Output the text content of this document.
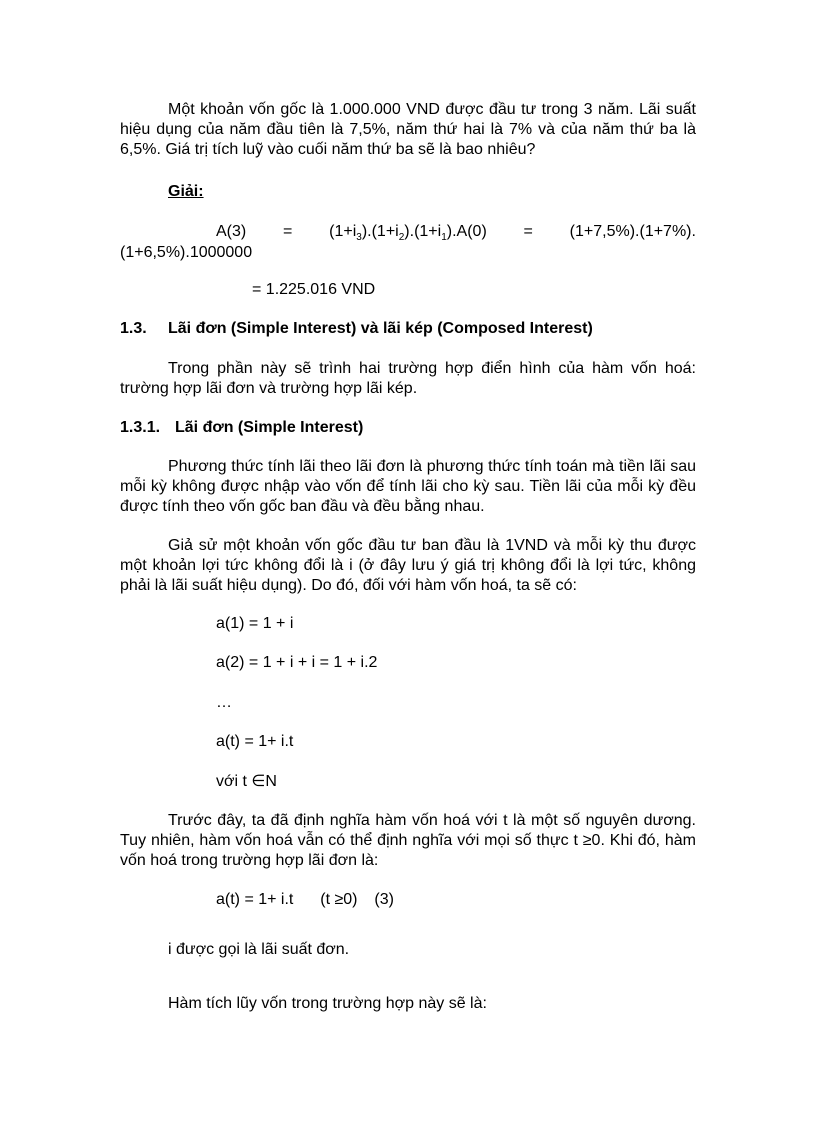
Một khoản vốn gốc là 1.000.000 VND được đầu tư trong 3 năm. Lãi suất hiệu dụng của năm đầu tiên là 7,5%, năm thứ hai là 7% và của năm thứ ba là 6,5%. Giá trị tích luỹ vào cuối năm thứ ba sẽ là bao nhiêu?
Giải:
$A(3) = (1+i_3).(1+i_2).(1+i_1).A(0) = (1+7,5\%).(1+7\%)$.
(1+6,5%).1000000
= 1.225.016 VND
1.3. Lãi đơn (Simple Interest) và lãi kép (Composed Interest)
Trong phần này sẽ trình hai trường hợp điển hình của hàm vốn hoá: trường hợp lãi đơn và trường hợp lãi kép.
1.3.1. Lãi đơn (Simple Interest)
Phương thức tính lãi theo lãi đơn là phương thức tính toán mà tiền lãi sau mỗi kỳ không được nhập vào vốn để tính lãi cho kỳ sau. Tiền lãi của mỗi kỳ đều được tính theo vốn gốc ban đầu và đều bằng nhau.
Giả sử một khoản vốn gốc đầu tư ban đầu là 1VND và mỗi kỳ thu được một khoản lợi tức không đổi là i (ở đây lưu ý giá trị không đổi là lợi tức, không phải là lãi suất hiệu dụng). Do đó, đối với hàm vốn hoá, ta sẽ có:
a(1) = 1 + i
a(2) = 1 + i + i = 1 + i.2
…
a(t) = 1+ i.t
với t ∈N
Trước đây, ta đã định nghĩa hàm vốn hoá với t là một số nguyên dương. Tuy nhiên, hàm vốn hoá vẫn có thể định nghĩa với mọi số thực t ≥0. Khi đó, hàm vốn hoá trong trường hợp lãi đơn là:
a(t) = 1+ i.t (t ≥0) (3)
i được gọi là lãi suất đơn.
Hàm tích lũy vốn trong trường hợp này sẽ là:
